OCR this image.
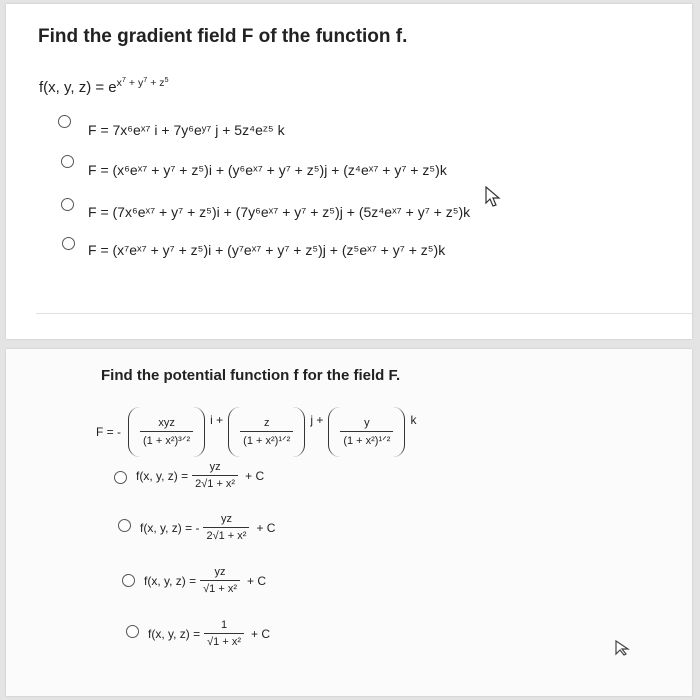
Find the gradient field F of the function f.
f(x, y, $z) = e^{x^7 + y^7 + z^5}$
F = 7x⁶eˣ⁷ i + 7y⁶eʸ⁷ j + 5z⁴eᶻ⁵ k
F = (x⁶eˣ⁷ + y⁷ + z⁵)i + (y⁶eˣ⁷ + y⁷ + z⁵)j + (z⁴eˣ⁷ + y⁷ + z⁵)k
F = (7x⁶eˣ⁷ + y⁷ + z⁵)i + (7y⁶eˣ⁷ + y⁷ + z⁵)j + (5z⁴eˣ⁷ + y⁷ + z⁵)k
F = (x⁷eˣ⁷ + y⁷ + z⁵)i + (y⁷eˣ⁷ + y⁷ + z⁵)j + (z⁵eˣ⁷ + y⁷ + z⁵)k
Find the potential function f for the field F.
F = - $\frac{\text{xyz}}{\text{(1 + x²)³ᐟ²}}$ $i + \frac{z}{\text{(1 + x²)¹ᐟ²}}$ $j + \frac{y}{\text{(1 + x²)¹ᐟ²}}$ k
f(x, y, $z) = \frac{yz}{\text{2√1 + x²}} + C$
f(x, y, z) = - $\frac{yz}{\text{2√1 + x²}} + C$
f(x, y, $z) = \frac{yz}{\text{√1 + x²}} + C$
f(x, y, $z) = \frac{1}{\text{√1 + x²}} + C$
